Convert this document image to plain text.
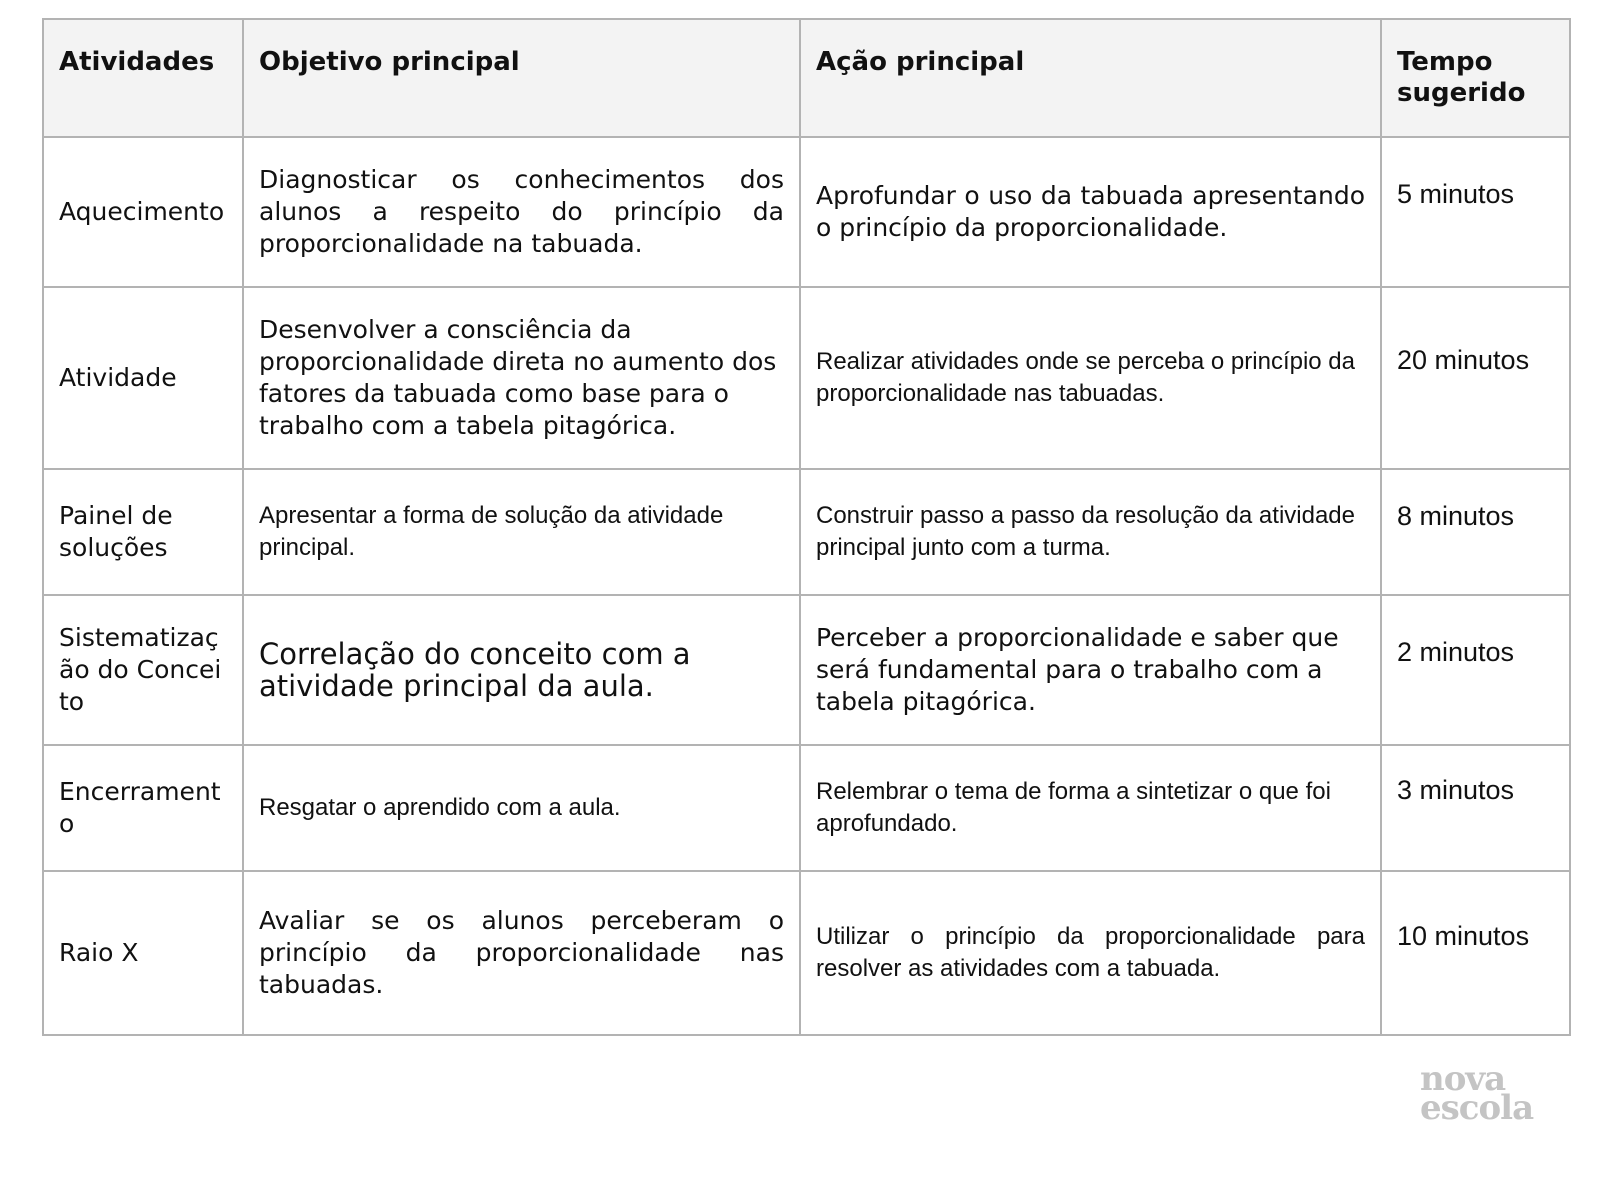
Atividades	Objetivo principal	Ação principal	Tempo sugerido
Aquecimento	Diagnosticar os conhecimentos dos alunos a respeito do princípio da proporcionalidade na tabuada.	Aprofundar o uso da tabuada apresentando o princípio da proporcionalidade.	5 minutos
Atividade	Desenvolver a consciência da proporcionalidade direta no aumento dos fatores da tabuada como base para o trabalho com a tabela pitagórica.	Realizar atividades onde se perceba o princípio da proporcionalidade nas tabuadas.	20 minutos
Painel de soluções	Apresentar a forma de solução da atividade principal.	Construir passo a passo da resolução da atividade principal junto com a turma.	8 minutos
Sistematização do Conceito	Correlação do conceito com a atividade principal da aula.	Perceber a proporcionalidade e saber que será fundamental para o trabalho com a tabela pitagórica.	2 minutos
Encerramento	Resgatar o aprendido com a aula.	Relembrar o tema de forma a sintetizar o que foi aprofundado.	3 minutos
Raio X	Avaliar se os alunos perceberam o princípio da proporcionalidade nas tabuadas.	Utilizar o princípio da proporcionalidade para resolver as atividades com a tabuada.	10 minutos
nova
escola
